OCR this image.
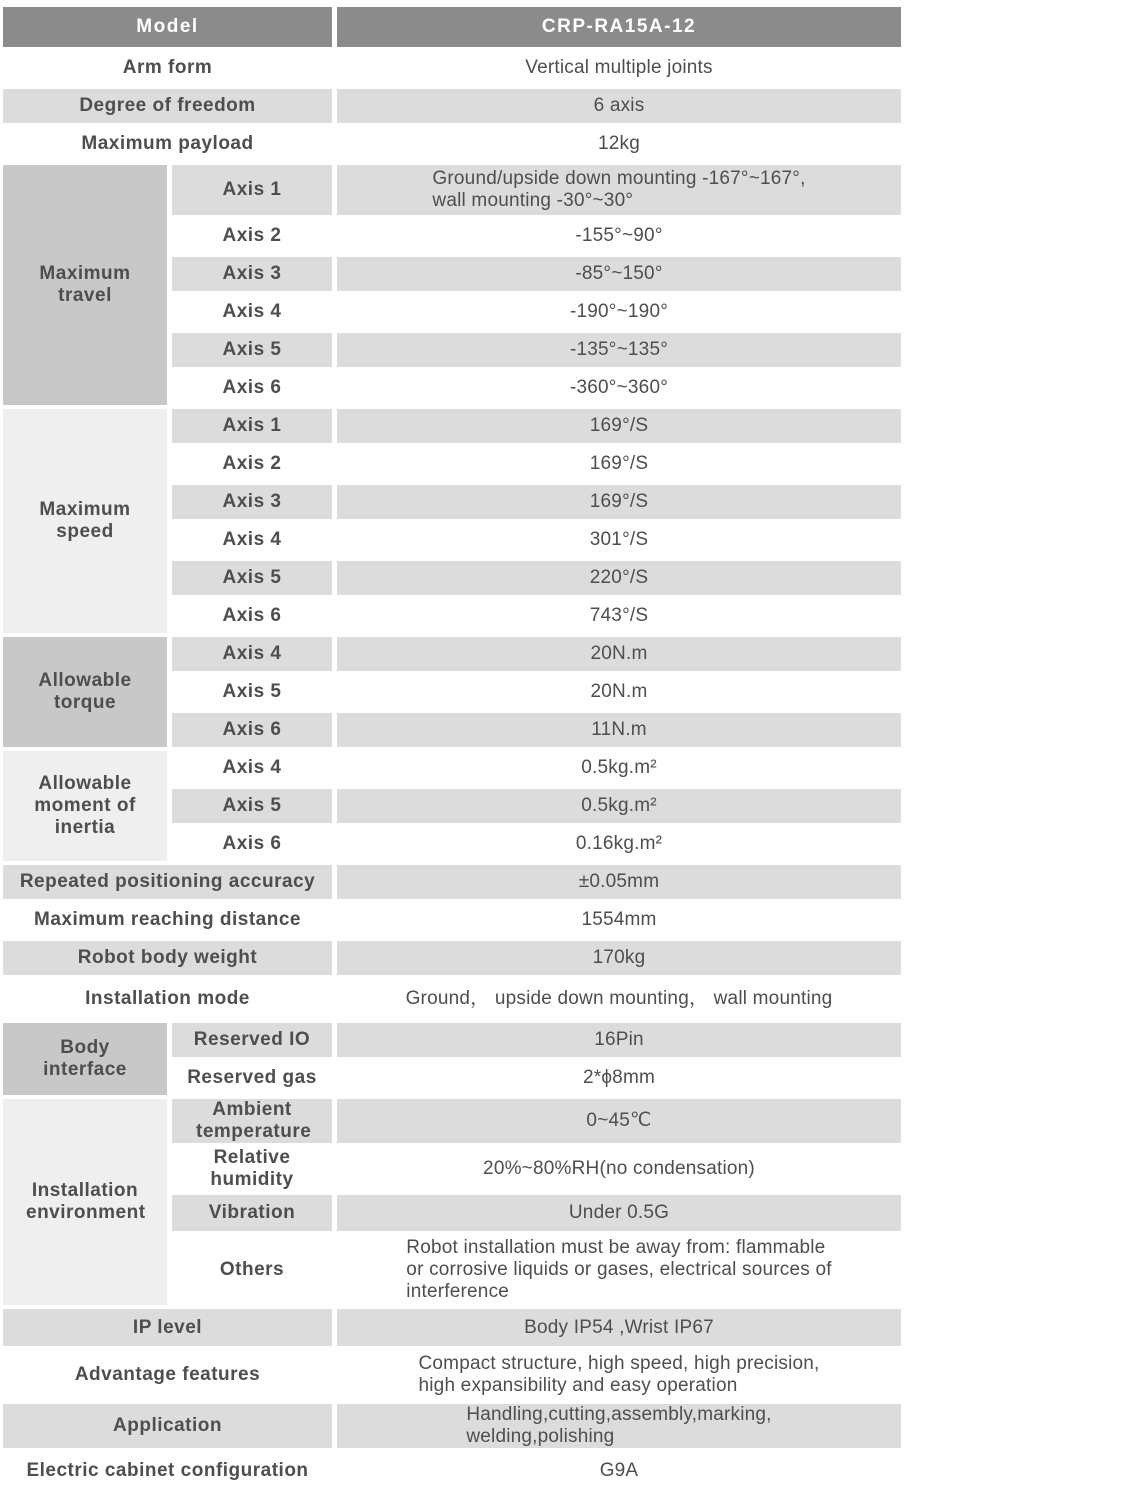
Model		CRP-RA15A-12
Arm form		Vertical multiple joints
Degree of freedom		6 axis
Maximum payload		12kg
Maximum travel	Axis 1	Ground/upside down mounting -167°~167°,
wall mounting -30°~30°

	Axis 2	-155°~90°
	Axis 3	-85°~150°
	Axis 4	-190°~190°
	Axis 5	-135°~135°
	Axis 6	-360°~360°
Maximum speed	Axis 1	169°/S
	Axis 2	169°/S
	Axis 3	169°/S
	Axis 4	301°/S
	Axis 5	220°/S
	Axis 6	743°/S
Allowable torque	Axis 4	20N.m
	Axis 5	20N.m
	Axis 6	11N.m
Allowable moment of inertia	Axis 4	0.5kg.m²
	Axis 5	0.5kg.m²
	Axis 6	0.16kg.m²
Repeated positioning accuracy		±0.05mm
Maximum reaching distance		1554mm
Robot body weight		170kg
Installation mode		Ground， upside down mounting， wall mounting
Body interface	Reserved IO	16Pin
	Reserved gas	2*ϕ8mm
Installation environment	Ambient temperature	0~45℃
	Relative humidity	20%~80%RH(no condensation)
	Vibration	Under 0.5G
	Others	Robot installation must be away from: flammable
or corrosive liquids or gases, electrical sources of
interference

IP level		Body IP54 ,Wrist IP67
Advantage features		Compact structure, high speed, high precision,
high expansibility and easy operation

Application		Handling,cutting,assembly,marking,
welding,polishing

Electric cabinet configuration		G9A
